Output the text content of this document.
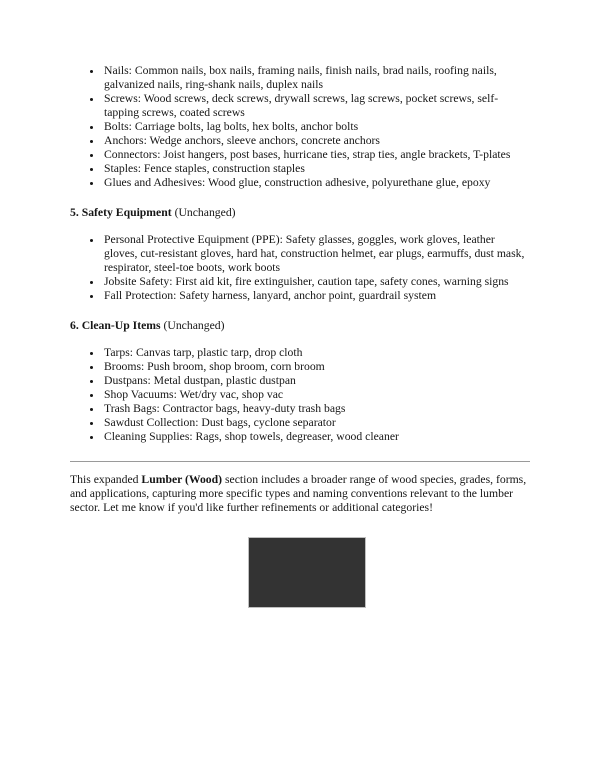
• Nails: Common nails, box nails, framing nails, finish nails, brad nails, roofing nails, galvanized nails, ring-shank nails, duplex nails
• Screws: Wood screws, deck screws, drywall screws, lag screws, pocket screws, self-tapping screws, coated screws
• Bolts: Carriage bolts, lag bolts, hex bolts, anchor bolts
• Anchors: Wedge anchors, sleeve anchors, concrete anchors
• Connectors: Joist hangers, post bases, hurricane ties, strap ties, angle brackets, T-plates
• Staples: Fence staples, construction staples
• Glues and Adhesives: Wood glue, construction adhesive, polyurethane glue, epoxy

5. Safety Equipment (Unchanged)

• Personal Protective Equipment (PPE): Safety glasses, goggles, work gloves, leather gloves, cut-resistant gloves, hard hat, construction helmet, ear plugs, earmuffs, dust mask, respirator, steel-toe boots, work boots
• Jobsite Safety: First aid kit, fire extinguisher, caution tape, safety cones, warning signs
• Fall Protection: Safety harness, lanyard, anchor point, guardrail system

6. Clean-Up Items (Unchanged)

• Tarps: Canvas tarp, plastic tarp, drop cloth
• Brooms: Push broom, shop broom, corn broom
• Dustpans: Metal dustpan, plastic dustpan
• Shop Vacuums: Wet/dry vac, shop vac
• Trash Bags: Contractor bags, heavy-duty trash bags
• Sawdust Collection: Dust bags, cyclone separator
• Cleaning Supplies: Rags, shop towels, degreaser, wood cleaner

This expanded Lumber (Wood) section includes a broader range of wood species, grades, forms, and applications, capturing more specific types and naming conventions relevant to the lumber sector. Let me know if you'd like further refinements or additional categories!
